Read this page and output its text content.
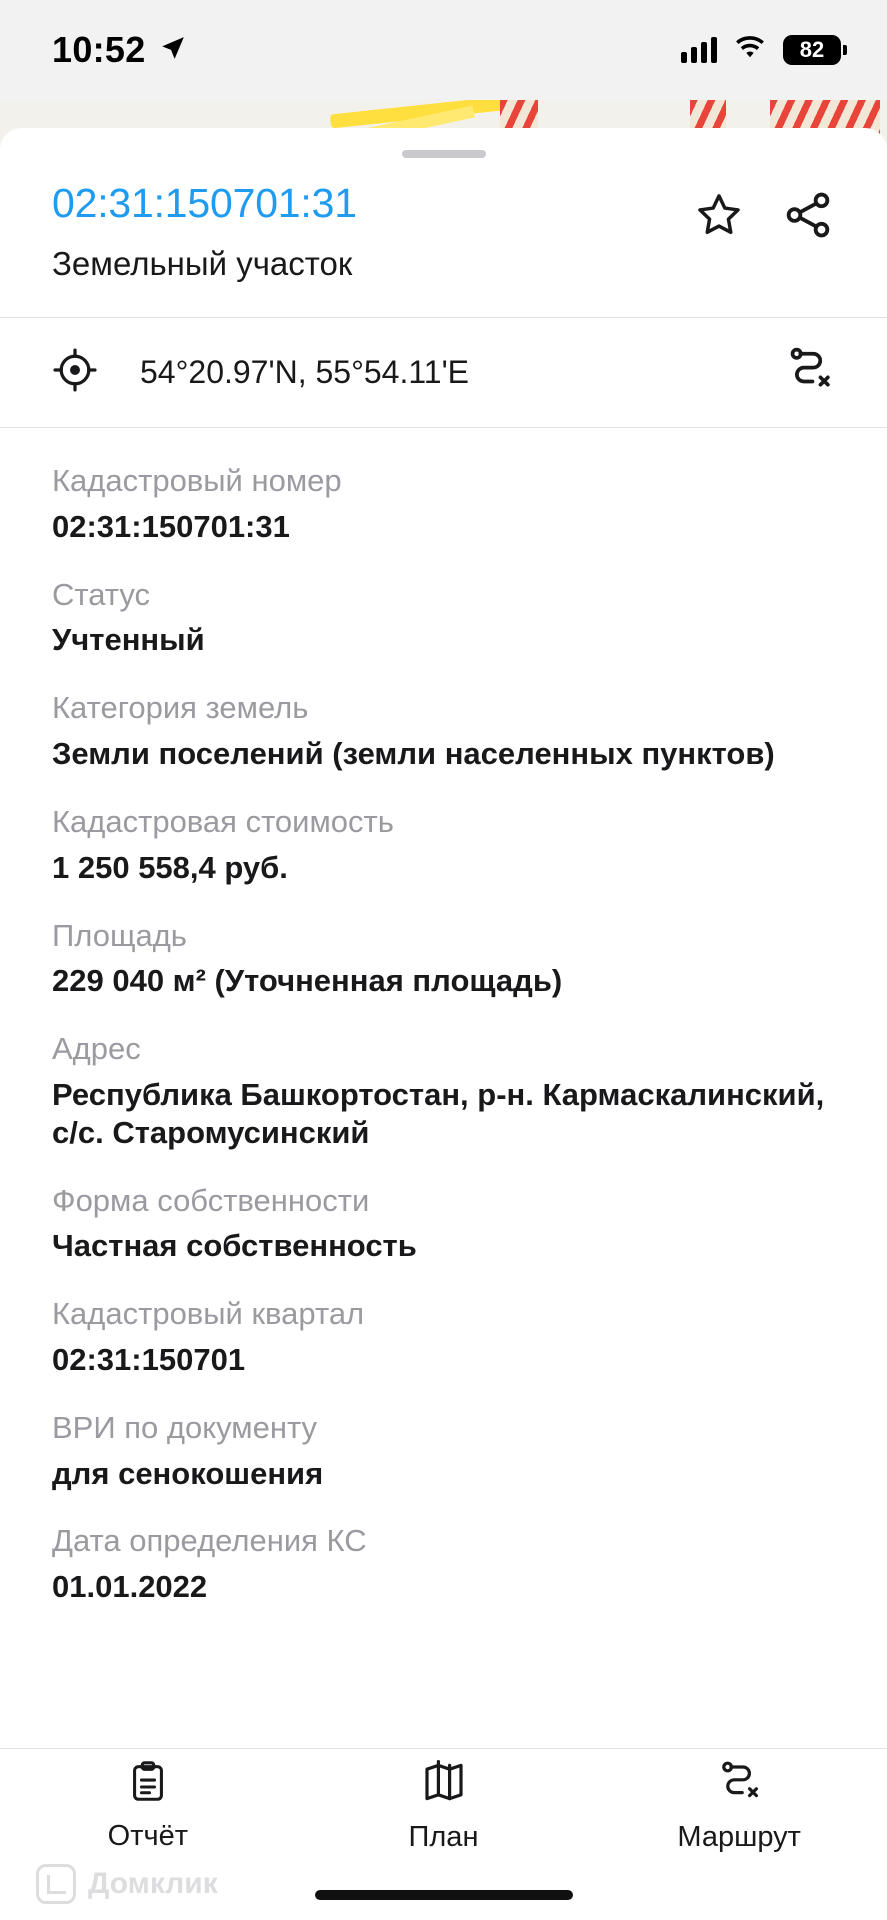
10:52	82
02:31:150701:31
Земельный участок
54°20.97'N, 55°54.11'E
Кадастровый номер
02:31:150701:31
Статус
Учтенный
Категория земель
Земли поселений (земли населенных пунктов)
Кадастровая стоимость
1 250 558,4 руб.
Площадь
229 040 м² (Уточненная площадь)
Адрес
Республика Башкортостан, р-н. Кармаскалинский, с/с. Старомусинский
Форма собственности
Частная собственность
Кадастровый квартал
02:31:150701
ВРИ по документу
для сенокошения
Дата определения КС
01.01.2022
Отчёт	План	Маршрут
Домклик
